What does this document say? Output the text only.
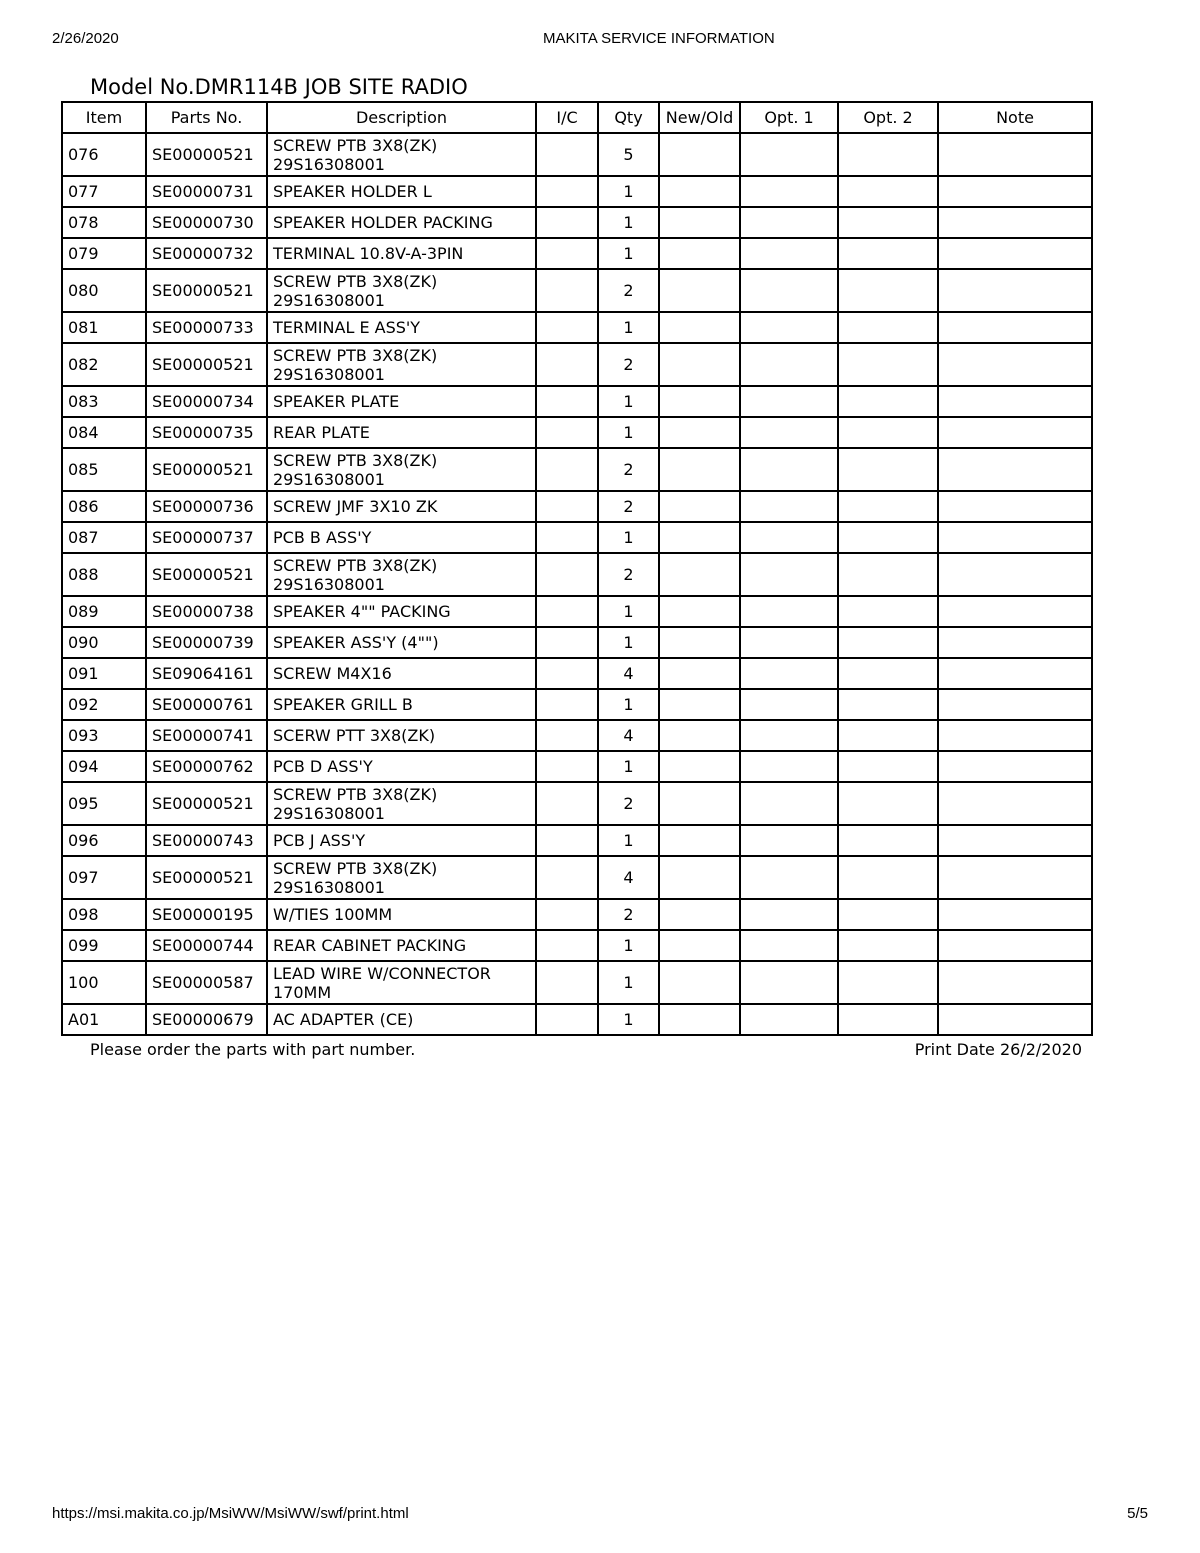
2/26/2020	MAKITA SERVICE INFORMATION
Model No.DMR114B JOB SITE RADIO
Item	Parts No.	Description	I/C	Qty	New/Old	Opt. 1	Opt. 2	Note
076	SE00000521	SCREW PTB 3X8(ZK) 29S16308001		5				
077	SE00000731	SPEAKER HOLDER L		1				
078	SE00000730	SPEAKER HOLDER PACKING		1				
079	SE00000732	TERMINAL 10.8V-A-3PIN		1				
080	SE00000521	SCREW PTB 3X8(ZK) 29S16308001		2				
081	SE00000733	TERMINAL E ASS'Y		1				
082	SE00000521	SCREW PTB 3X8(ZK) 29S16308001		2				
083	SE00000734	SPEAKER PLATE		1				
084	SE00000735	REAR PLATE		1				
085	SE00000521	SCREW PTB 3X8(ZK) 29S16308001		2				
086	SE00000736	SCREW JMF 3X10 ZK		2				
087	SE00000737	PCB B ASS'Y		1				
088	SE00000521	SCREW PTB 3X8(ZK) 29S16308001		2				
089	SE00000738	SPEAKER 4"" PACKING		1				
090	SE00000739	SPEAKER ASS'Y (4"")		1				
091	SE09064161	SCREW M4X16		4				
092	SE00000761	SPEAKER GRILL B		1				
093	SE00000741	SCERW PTT 3X8(ZK)		4				
094	SE00000762	PCB D ASS'Y		1				
095	SE00000521	SCREW PTB 3X8(ZK) 29S16308001		2				
096	SE00000743	PCB J ASS'Y		1				
097	SE00000521	SCREW PTB 3X8(ZK) 29S16308001		4				
098	SE00000195	W/TIES 100MM		2				
099	SE00000744	REAR CABINET PACKING		1				
100	SE00000587	LEAD WIRE W/CONNECTOR 170MM		1				
A01	SE00000679	AC ADAPTER (CE)		1				
Please order the parts with part number.	Print Date 26/2/2020
https://msi.makita.co.jp/MsiWW/MsiWW/swf/print.html	5/5
